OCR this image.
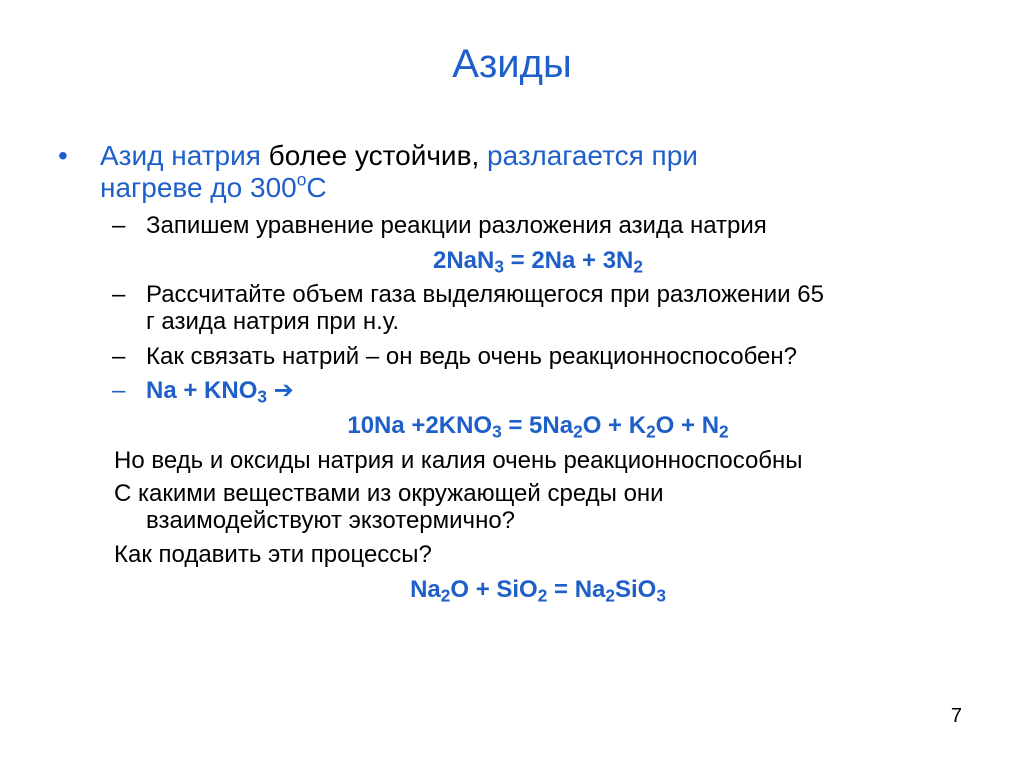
Азиды
• Азид натрия более устойчив, разлагается при
нагреве до 300$^o$C
– Запишем уравнение реакции разложения азида натрия
$2NaN_3 = 2Na + 3N_2$
– Рассчитайте объем газа выделяющегося при разложении 65
г азида натрия при н.у.
– Как связать натрий – он ведь очень реакционноспособен?
– $Na + KNO_3$ ➔
$10Na +2KNO_3 = 5Na_2O + K_2O + N_2$
Но ведь и оксиды натрия и калия очень реакционноспособны
С какими веществами из окружающей среды они
взаимодействуют экзотермично?
Как подавить эти процессы?
$Na_2O + SiO_2 = Na_2SiO_3$
7
